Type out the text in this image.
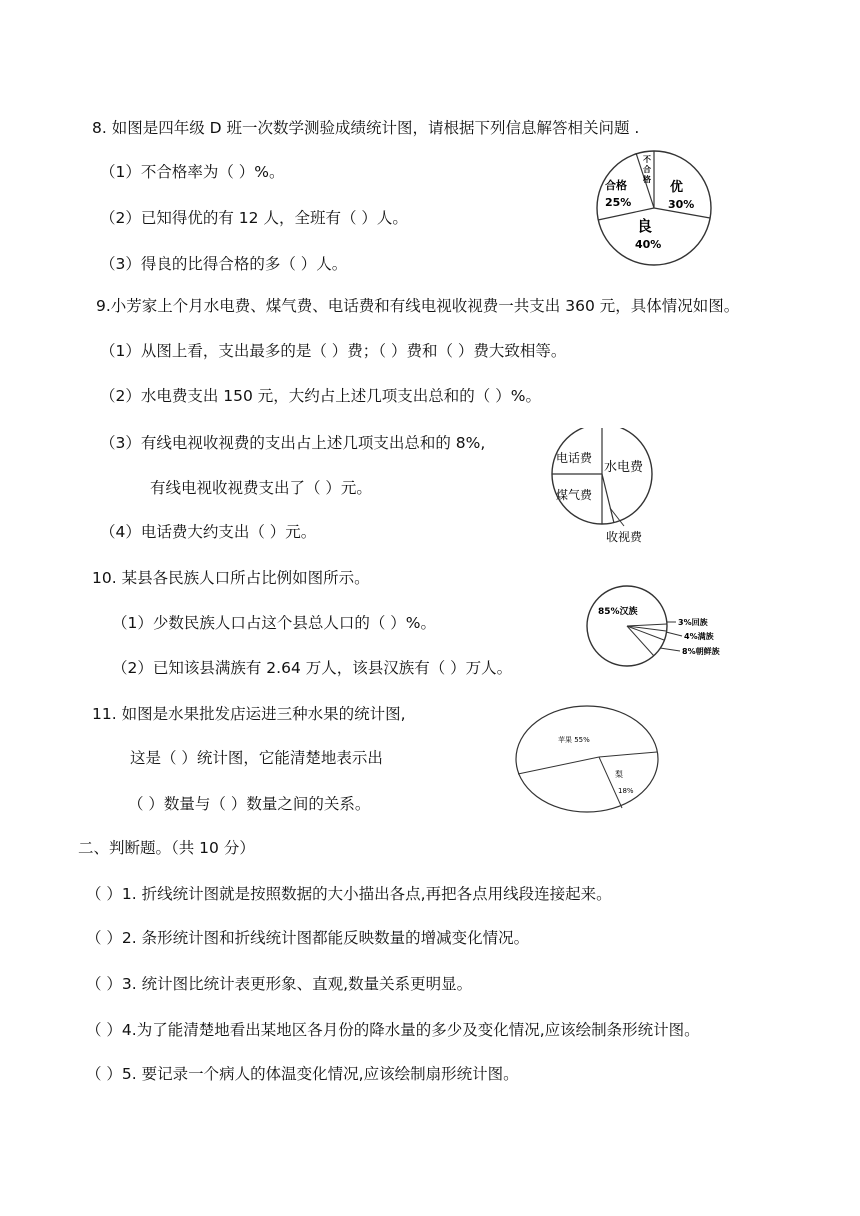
8. 如图是四年级 D 班一次数学测验成绩统计图，请根据下列信息解答相关问题 .
（1）不合格率为（ ）%。
（2）已知得优的有 12 人，全班有（ ）人。
（3）得良的比得合格的多（ ）人。
不
合
格
优
30%
合格
25%
良
40%
9.小芳家上个月水电费、煤气费、电话费和有线电视收视费一共支出 360 元，具体情况如图。
（1）从图上看，支出最多的是（ ）费；（ ）费和（ ）费大致相等。
（2）水电费支出 150 元，大约占上述几项支出总和的（ ）%。
（3）有线电视收视费的支出占上述几项支出总和的 8%,
有线电视收视费支出了（ ）元。
（4）电话费大约支出（ ）元。
电话费
水电费
煤气费
收视费
10. 某县各民族人口所占比例如图所示。
（1）少数民族人口占这个县总人口的（ ）%。
（2）已知该县满族有 2.64 万人，该县汉族有（ ）万人。
85%汉族
3%回族
4%满族
8%朝鲜族
11. 如图是水果批发店运进三种水果的统计图,
这是（ ）统计图，它能清楚地表示出
（ ）数量与（ ）数量之间的关系。
苹果 55%
梨
18%
二、判断题。（共 10 分）
（ ）1. 折线统计图就是按照数据的大小描出各点,再把各点用线段连接起来。
（ ）2. 条形统计图和折线统计图都能反映数量的增减变化情况。
（ ）3. 统计图比统计表更形象、直观,数量关系更明显。
（ ）4.为了能清楚地看出某地区各月份的降水量的多少及变化情况,应该绘制条形统计图。
（ ）5. 要记录一个病人的体温变化情况,应该绘制扇形统计图。
